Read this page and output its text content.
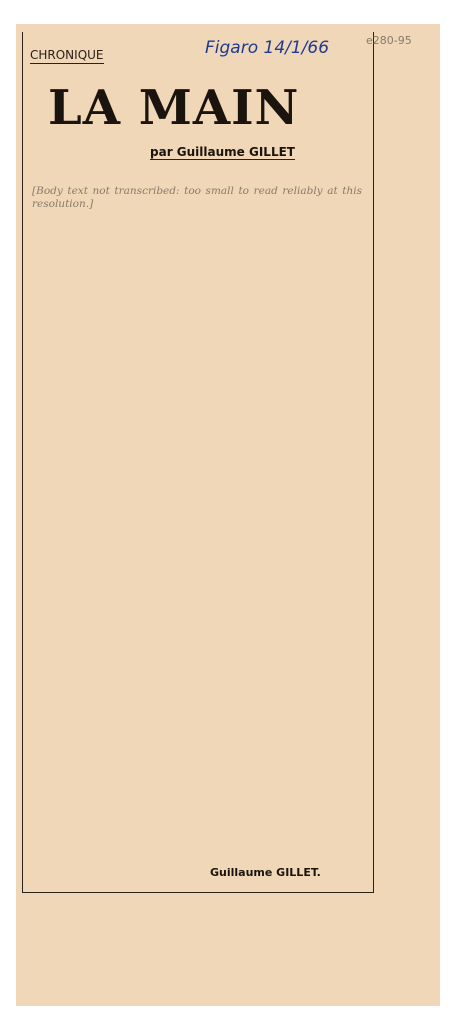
CHRONIQUE	Figaro 14/1/66	e280-95
LA MAIN
par Guillaume GILLET

[Body text not transcribed: too small to read reliably at this resolution.]

Guillaume GILLET.
